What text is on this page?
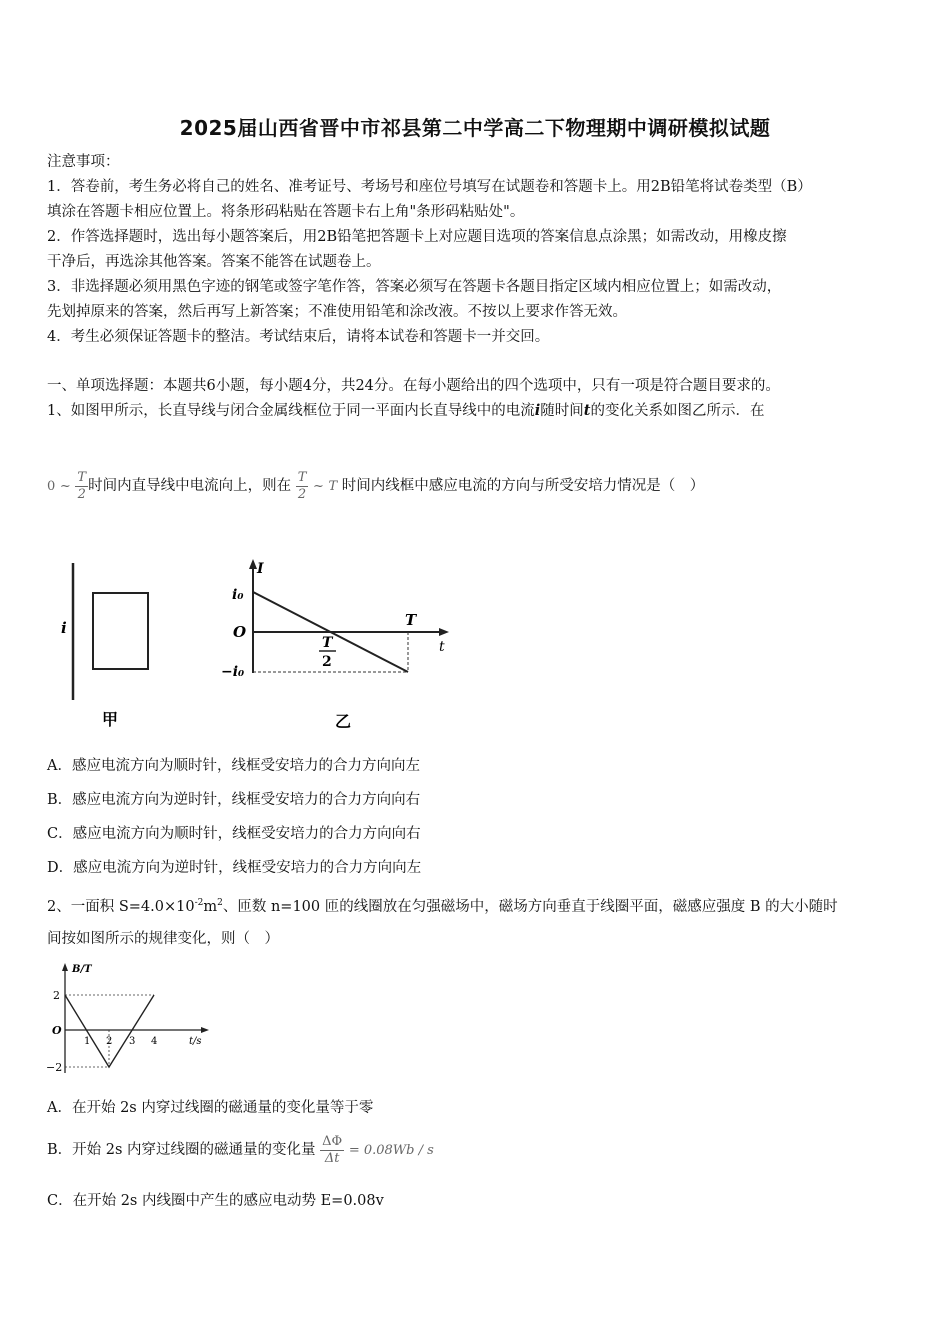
2025届山西省晋中市祁县第二中学高二下物理期中调研模拟试题
注意事项：
1．答卷前，考生务必将自己的姓名、准考证号、考场号和座位号填写在试题卷和答题卡上。用2B铅笔将试卷类型（B）
填涂在答题卡相应位置上。将条形码粘贴在答题卡右上角"条形码粘贴处"。
2．作答选择题时，选出每小题答案后，用2B铅笔把答题卡上对应题目选项的答案信息点涂黑；如需改动，用橡皮擦
干净后，再选涂其他答案。答案不能答在试题卷上。
3．非选择题必须用黑色字迹的钢笔或签字笔作答，答案必须写在答题卡各题目指定区域内相应位置上；如需改动，
先划掉原来的答案，然后再写上新答案；不准使用铅笔和涂改液。不按以上要求作答无效。
4．考生必须保证答题卡的整洁。考试结束后，请将本试卷和答题卡一并交回。
一、单项选择题：本题共6小题，每小题4分，共24分。在每小题给出的四个选项中，只有一项是符合题目要求的。
1、如图甲所示，长直导线与闭合金属线框位于同一平面内长直导线中的电流i随时间t的变化关系如图乙所示．在
0 ~ $\frac{T}{2}$ 时间内直导线中电流向上，则在 $\frac{T}{2}$ ~ T 时间内线框中感应电流的方向与所受安培力情况是（　）
i
甲
I
t
i₀
O
−i₀
T
T
2
乙
A．感应电流方向为顺时针，线框受安培力的合力方向向左
B．感应电流方向为逆时针，线框受安培力的合力方向向右
C．感应电流方向为顺时针，线框受安培力的合力方向向右
D．感应电流方向为逆时针，线框受安培力的合力方向向左
2、一面积 $S=4.0\times 10^{-2}m^2$、匝数 n=100 匝的线圈放在匀强磁场中，磁场方向垂直于线圈平面，磁感应强度 B 的大小随时
间按如图所示的规律变化，则（　）
B/T
t/s
2
O
−2
1 2 3 4
A．在开始 2s 内穿过线圈的磁通量的变化量等于零
B．开始 2s 内穿过线圈的磁通量的变化量 $\frac{\Delta\Phi}{\Delta t} = 0.08Wb / s$
C．在开始 2s 内线圈中产生的感应电动势 E=0.08v
